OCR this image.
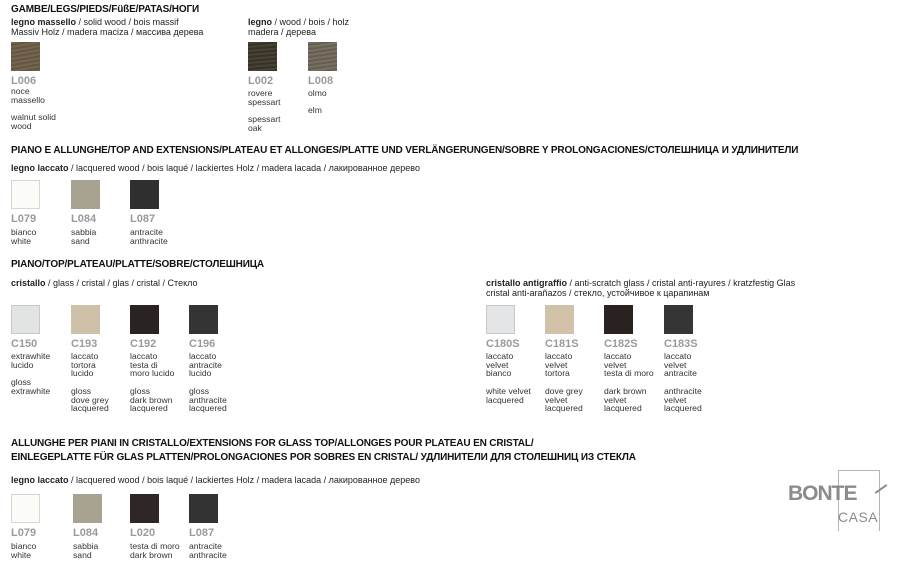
GAMBE/LEGS/PIEDS/FüßE/PATAS/НОГИ
legno massello / solid wood / bois massif
Massiv Holz / madera maciza / массива дерева
legno / wood / bois / holz
madera / дерева
L006
noce
massello

walnut solid
wood
L002
rovere
spessart

spessart
oak
L008
olmo

elm
PIANO E ALLUNGHE/TOP AND EXTENSIONS/PLATEAU ET ALLONGES/PLATTE UND VERLÄNGERUNGEN/SOBRE Y PROLONGACIONES/СТОЛЕШНИЦА И УДЛИНИТЕЛИ
legno laccato / lacquered wood / bois laqué / lackiertes Holz / madera lacada / лакированное дерево
L079
bianco
white
L084
sabbia
sand
L087
antracite
anthracite
PIANO/TOP/PLATEAU/PLATTE/SOBRE/СТОЛЕШНИЦА
cristallo / glass / cristal / glas / cristal / Стекло	cristallo antigraffio / anti-scratch glass / cristal anti-rayures / kratzfestig Glas
cristal anti-arañazos / стекло, устойчивое к царапинам
C150
extrawhite
lucido

gloss
extrawhite
C193
laccato
tortora
lucido

gloss
dove grey
lacquered
C192
laccato
testa di
moro lucido

gloss
dark brown
lacquered
C196
laccato
antracite
lucido

gloss
anthracite
lacquered
C180S
laccato
velvet
bianco

white velvet
lacquered
C181S
laccato
velvet
tortora

dove grey
velvet
lacquered
C182S
laccato
velvet
testa di moro

dark brown
velvet
lacquered
C183S
laccato
velvet
antracite

anthracite
velvet
lacquered
ALLUNGHE PER PIANI IN CRISTALLO/EXTENSIONS FOR GLASS TOP/ALLONGES POUR PLATEAU EN CRISTAL/
EINLEGEPLATTE FÜR GLAS PLATTEN/PROLONGACIONES POR SOBRES EN CRISTAL/ УДЛИНИТЕЛИ ДЛЯ СТОЛЕШНИЦ ИЗ СТЕКЛА
legno laccato / lacquered wood / bois laqué / lackiertes Holz / madera lacada / лакированное дерево
L079
bianco
white
L084
sabbia
sand
L020
testa di moro
dark brown
L087
antracite
anthracite
BONTE
CASA
